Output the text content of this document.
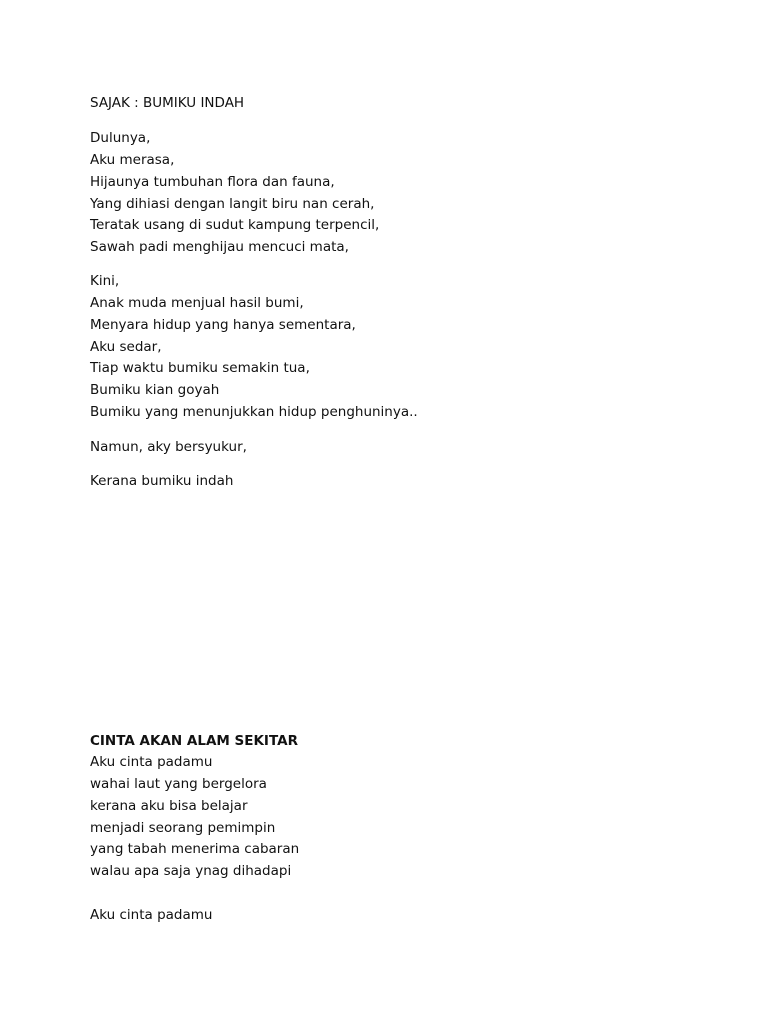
SAJAK : BUMIKU INDAH
Dulunya,
Aku merasa,
Hijaunya tumbuhan flora dan fauna,
Yang dihiasi dengan langit biru nan cerah,
Teratak usang di sudut kampung terpencil,
Sawah padi menghijau mencuci mata,
Kini,
Anak muda menjual hasil bumi,
Menyara hidup yang hanya sementara,
Aku sedar,
Tiap waktu bumiku semakin tua,
Bumiku kian goyah
Bumiku yang menunjukkan hidup penghuninya..
Namun, aky bersyukur,
Kerana bumiku indah
CINTA AKAN ALAM SEKITAR
Aku cinta padamu
wahai laut yang bergelora
kerana aku bisa belajar
menjadi seorang pemimpin
yang tabah menerima cabaran
walau apa saja ynag dihadapi
Aku cinta padamu
